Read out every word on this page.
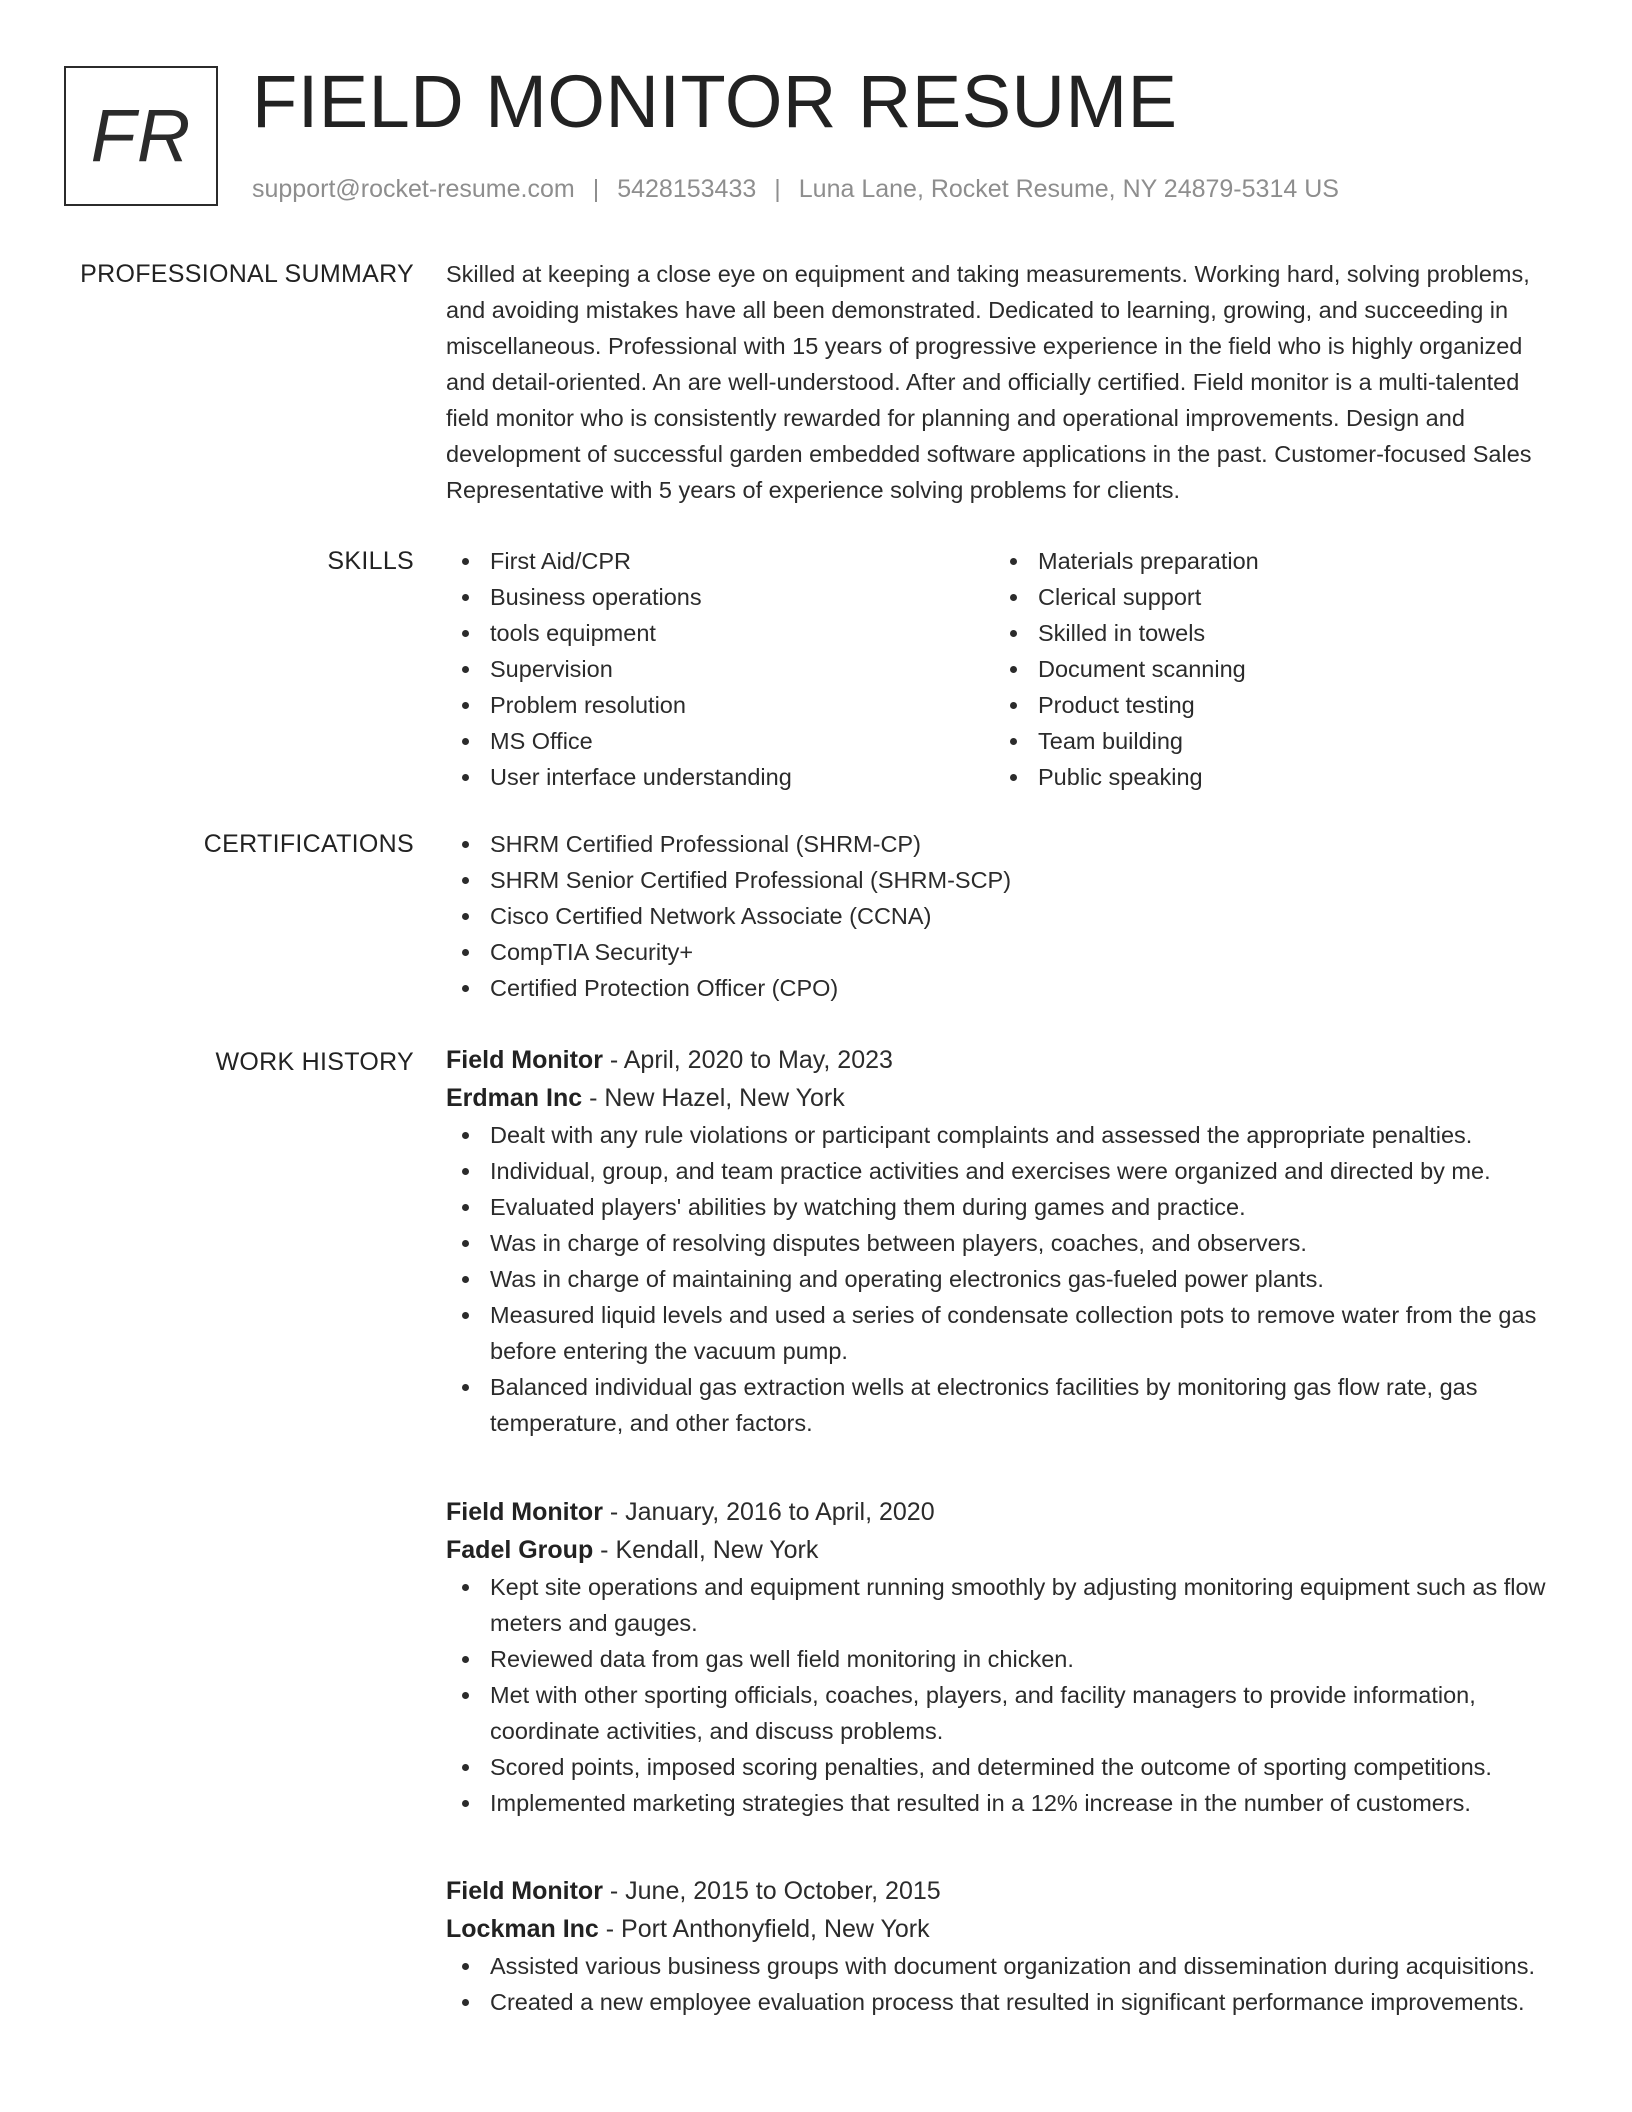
FR FIELD MONITOR RESUME
support@rocket-resume.com | 5428153433 | Luna Lane, Rocket Resume, NY 24879-5314 US
PROFESSIONAL SUMMARY Skilled at keeping a close eye on equipment and taking measurements. Working hard, solving problems, and avoiding mistakes have all been demonstrated. Dedicated to learning, growing, and succeeding in miscellaneous. Professional with 15 years of progressive experience in the field who is highly organized and detail-oriented. An are well-understood. After and officially certified. Field monitor is a multi-talented field monitor who is consistently rewarded for planning and operational improvements. Design and development of successful garden embedded software applications in the past. Customer-focused Sales Representative with 5 years of experience solving problems for clients.

SKILLS	First Aid/CPR
Business operations
tools equipment
Supervision
Problem resolution
MS Office
User interface understanding
Materials preparation
Clerical support
Skilled in towels
Document scanning
Product testing
Team building
Public speaking
CERTIFICATIONS	SHRM Certified Professional (SHRM-CP)
SHRM Senior Certified Professional (SHRM-SCP)
Cisco Certified Network Associate (CCNA)
CompTIA Security+
Certified Protection Officer (CPO)
WORK HISTORY Field Monitor - April, 2020 to May, 2023
Erdman Inc - New Hazel, New York
Dealt with any rule violations or participant complaints and assessed the appropriate penalties.
Individual, group, and team practice activities and exercises were organized and directed by me.
Evaluated players' abilities by watching them during games and practice.
Was in charge of resolving disputes between players, coaches, and observers.
Was in charge of maintaining and operating electronics gas-fueled power plants.
Measured liquid levels and used a series of condensate collection pots to remove water from the gas before entering the vacuum pump.
Balanced individual gas extraction wells at electronics facilities by monitoring gas flow rate, gas temperature, and other factors.
Field Monitor - January, 2016 to April, 2020
Fadel Group - Kendall, New York
Kept site operations and equipment running smoothly by adjusting monitoring equipment such as flow meters and gauges.
Reviewed data from gas well field monitoring in chicken.
Met with other sporting officials, coaches, players, and facility managers to provide information, coordinate activities, and discuss problems.
Scored points, imposed scoring penalties, and determined the outcome of sporting competitions.
Implemented marketing strategies that resulted in a 12% increase in the number of customers.
Field Monitor - June, 2015 to October, 2015
Lockman Inc - Port Anthonyfield, New York
Assisted various business groups with document organization and dissemination during acquisitions.
Created a new employee evaluation process that resulted in significant performance improvements.
